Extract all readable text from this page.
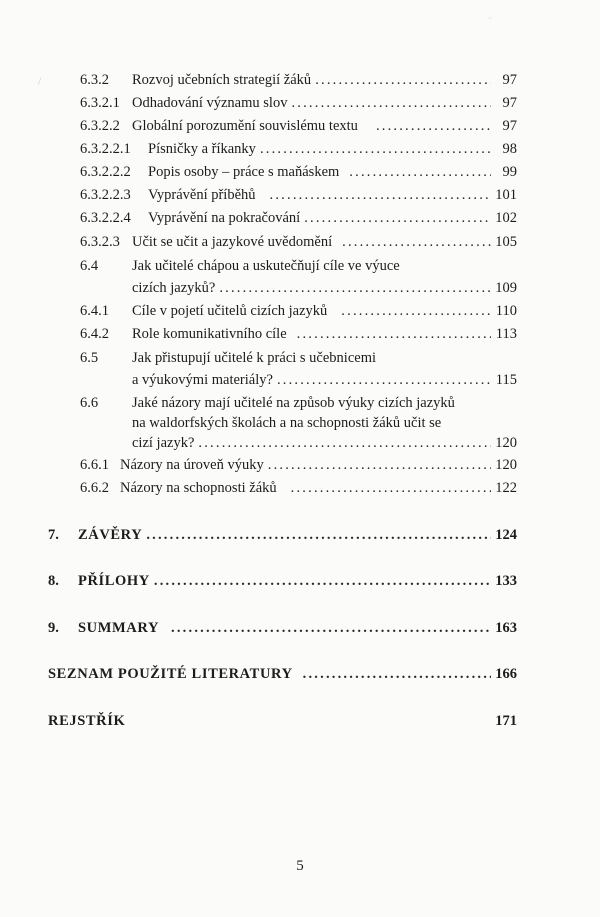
6.3.2 Rozvoj učebních strategií žáků .....	97
6.3.2.1 Odhadování významu slov .....	97
6.3.2.2 Globální porozumění souvislému textu .....	97
6.3.2.2.1 Písničky a říkanky .....	98
6.3.2.2.2 Popis osoby – práce s maňáskem .....	99
6.3.2.2.3 Vyprávění příběhů .....	101
6.3.2.2.4 Vyprávění na pokračování .....	102
6.3.2.3 Učit se učit a jazykové uvědomění .....	105
6.4 Jak učitelé chápou a uskutečňují cíle ve výuce
cizích jazyků? .....	109
6.4.1 Cíle v pojetí učitelů cizích jazyků .....	110
6.4.2 Role komunikativního cíle .....	113
6.5 Jak přistupují učitelé k práci s učebnicemi
a výukovými materiály? .....	115
6.6 Jaké názory mají učitelé na způsob výuky cizích jazyků
na waldorfských školách a na schopnosti žáků učit se
cizí jazyk? .....	120
6.6.1 Názory na úroveň výuky .....	120
6.6.2 Názory na schopnosti žáků .....	122
7. ZÁVĚRY .....	124
8. PŘÍLOHY .....	133
9. SUMMARY .....	163
SEZNAM POUŽITÉ LITERATURY .....	166
REJSTŘÍK	171
5
/
-
